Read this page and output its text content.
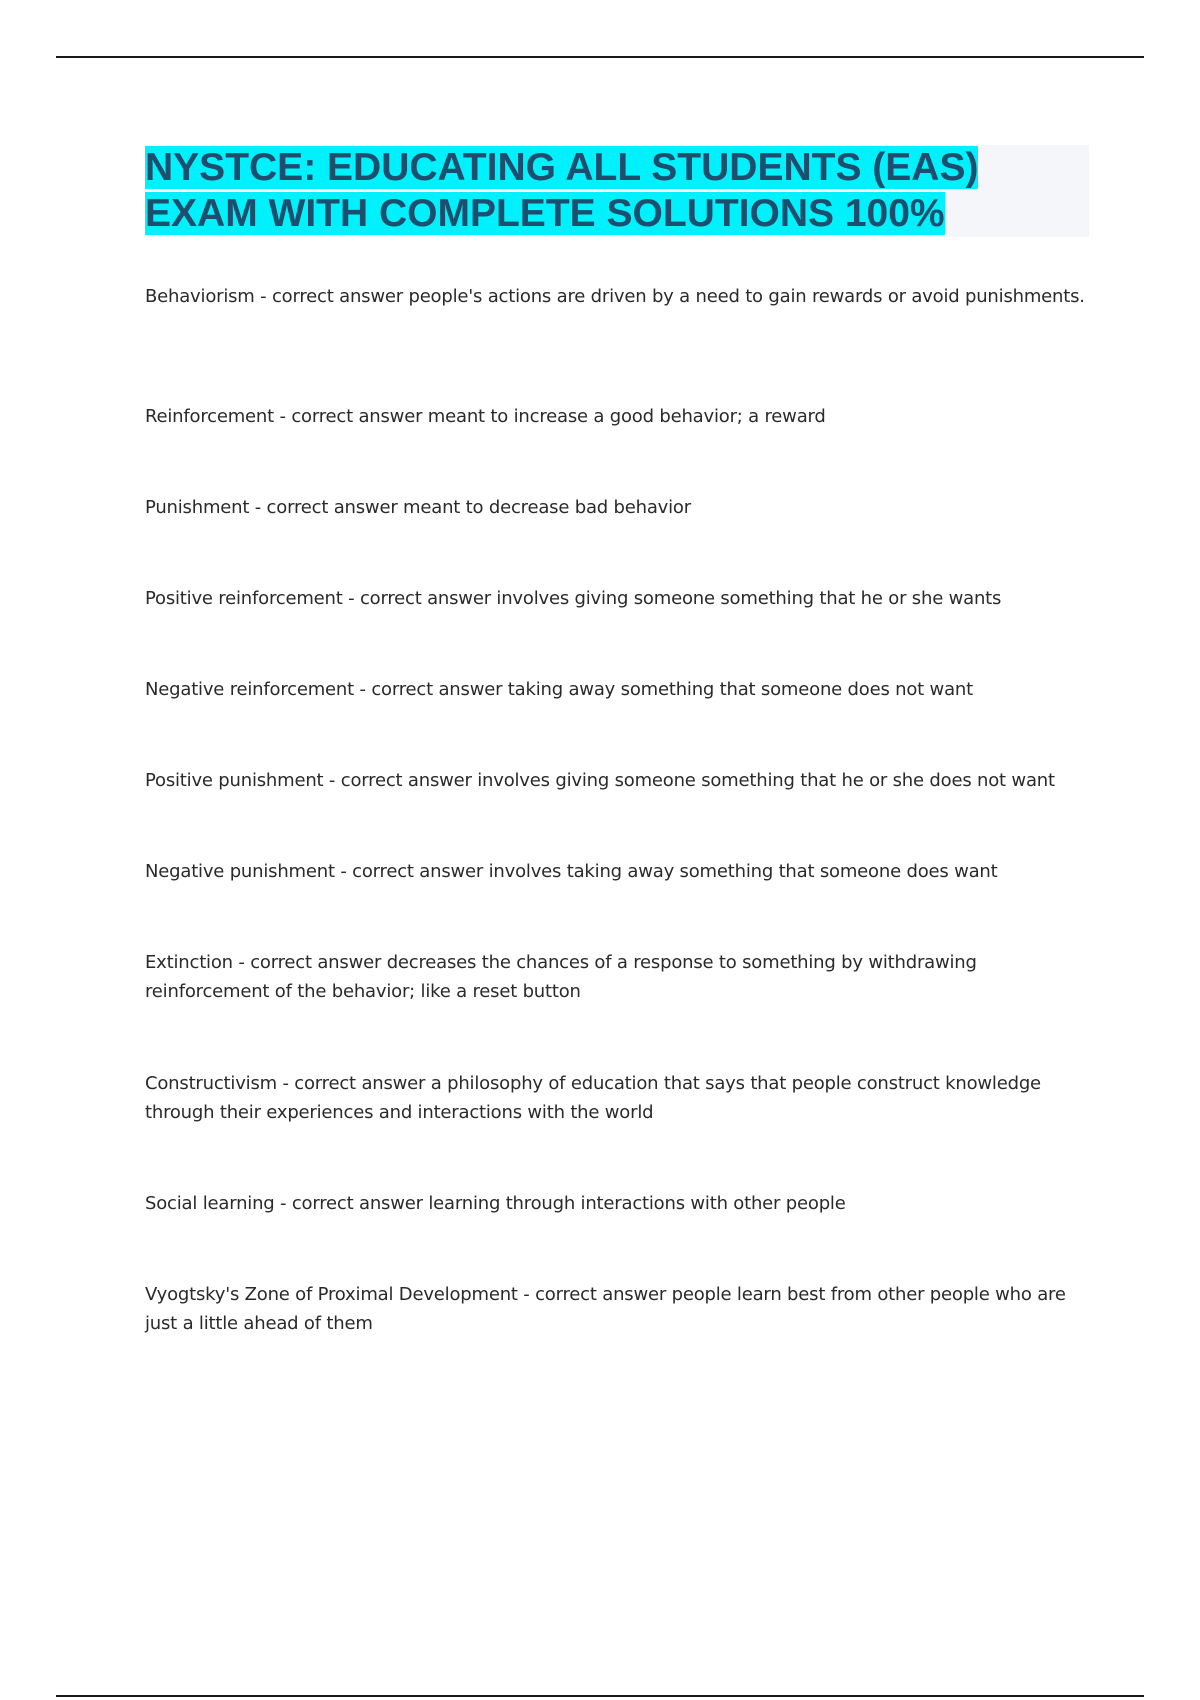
NYSTCE: EDUCATING ALL STUDENTS (EAS)
EXAM WITH COMPLETE SOLUTIONS 100%
Behaviorism - correct answer people's actions are driven by a need to gain rewards or avoid punishments.
Reinforcement - correct answer meant to increase a good behavior; a reward
Punishment - correct answer meant to decrease bad behavior
Positive reinforcement - correct answer involves giving someone something that he or she wants
Negative reinforcement - correct answer taking away something that someone does not want
Positive punishment - correct answer involves giving someone something that he or she does not want
Negative punishment - correct answer involves taking away something that someone does want
Extinction - correct answer decreases the chances of a response to something by withdrawing reinforcement of the behavior; like a reset button
Constructivism - correct answer a philosophy of education that says that people construct knowledge through their experiences and interactions with the world
Social learning - correct answer learning through interactions with other people
Vyogtsky's Zone of Proximal Development - correct answer people learn best from other people who are just a little ahead of them
